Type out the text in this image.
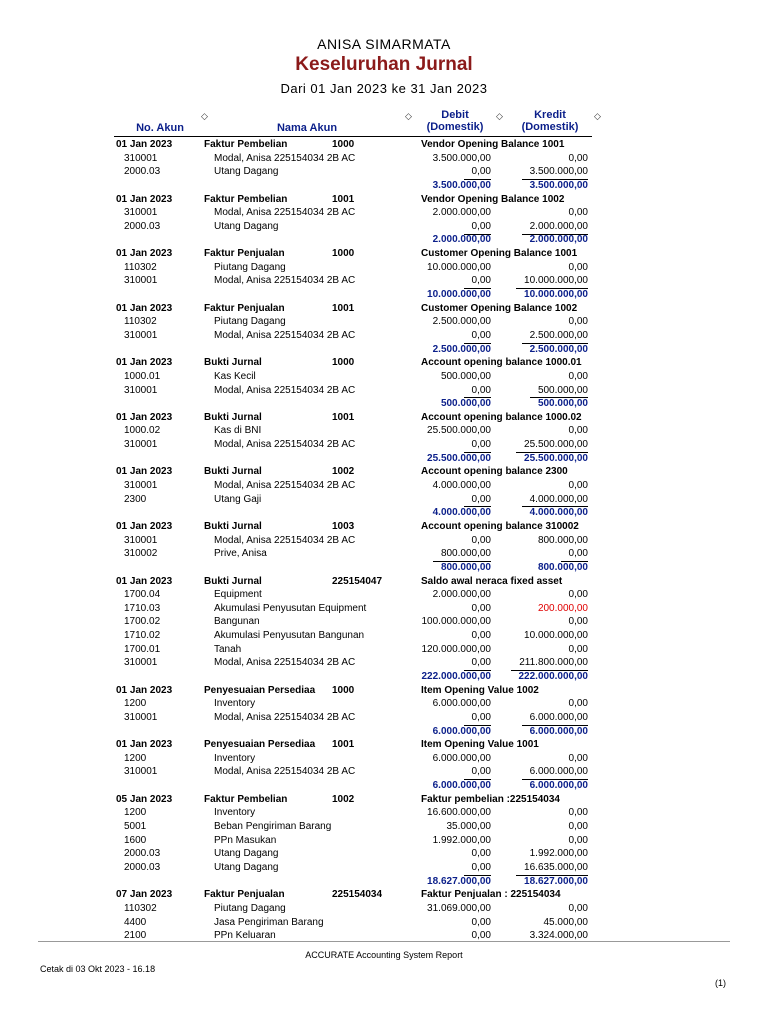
ANISA SIMARMATA
Keseluruhan Jurnal
Dari 01 Jan 2023 ke 31 Jan 2023
◇	◇	◇	◇
Debit
(Domestik)
Kredit
(Domestik)
No. Akun	Nama Akun
01 Jan 2023	Faktur Pembelian	1000	Vendor Opening Balance 1001
310001	Modal, Anisa 225154034 2B AC	3.500.000,00	0,00
2000.03	Utang Dagang	0,00	3.500.000,00
3.500.000,00	3.500.000,00
01 Jan 2023	Faktur Pembelian	1001	Vendor Opening Balance 1002
310001	Modal, Anisa 225154034 2B AC	2.000.000,00	0,00
2000.03	Utang Dagang	0,00	2.000.000,00
2.000.000,00	2.000.000,00
01 Jan 2023	Faktur Penjualan	1000	Customer Opening Balance 1001
110302	Piutang Dagang	10.000.000,00	0,00
310001	Modal, Anisa 225154034 2B AC	0,00	10.000.000,00
10.000.000,00	10.000.000,00
01 Jan 2023	Faktur Penjualan	1001	Customer Opening Balance 1002
110302	Piutang Dagang	2.500.000,00	0,00
310001	Modal, Anisa 225154034 2B AC	0,00	2.500.000,00
2.500.000,00	2.500.000,00
01 Jan 2023	Bukti Jurnal	1000	Account opening balance 1000.01
1000.01	Kas Kecil	500.000,00	0,00
310001	Modal, Anisa 225154034 2B AC	0,00	500.000,00
500.000,00	500.000,00
01 Jan 2023	Bukti Jurnal	1001	Account opening balance 1000.02
1000.02	Kas di BNI	25.500.000,00	0,00
310001	Modal, Anisa 225154034 2B AC	0,00	25.500.000,00
25.500.000,00	25.500.000,00
01 Jan 2023	Bukti Jurnal	1002	Account opening balance 2300
310001	Modal, Anisa 225154034 2B AC	4.000.000,00	0,00
2300	Utang Gaji	0,00	4.000.000,00
4.000.000,00	4.000.000,00
01 Jan 2023	Bukti Jurnal	1003	Account opening balance 310002
310001	Modal, Anisa 225154034 2B AC	0,00	800.000,00
310002	Prive, Anisa	800.000,00	0,00
800.000,00	800.000,00
01 Jan 2023	Bukti Jurnal	225154047	Saldo awal neraca fixed asset
1700.04	Equipment	2.000.000,00	0,00
1710.03	Akumulasi Penyusutan Equipment	0,00	200.000,00
1700.02	Bangunan	100.000.000,00	0,00
1710.02	Akumulasi Penyusutan Bangunan	0,00	10.000.000,00
1700.01	Tanah	120.000.000,00	0,00
310001	Modal, Anisa 225154034 2B AC	0,00	211.800.000,00
222.000.000,00	222.000.000,00
01 Jan 2023	Penyesuaian Persediaa 1000	Item Opening Value 1002
1200	Inventory	6.000.000,00	0,00
310001	Modal, Anisa 225154034 2B AC	0,00	6.000.000,00
6.000.000,00	6.000.000,00
01 Jan 2023	Penyesuaian Persediaa 1001	Item Opening Value 1001
1200	Inventory	6.000.000,00	0,00
310001	Modal, Anisa 225154034 2B AC	0,00	6.000.000,00
6.000.000,00	6.000.000,00
05 Jan 2023	Faktur Pembelian	1002	Faktur pembelian :225154034
1200	Inventory	16.600.000,00	0,00
5001	Beban Pengiriman Barang	35.000,00	0,00
1600	PPn Masukan	1.992.000,00	0,00
2000.03	Utang Dagang	0,00	1.992.000,00
2000.03	Utang Dagang	0,00	16.635.000,00
18.627.000,00	18.627.000,00
07 Jan 2023	Faktur Penjualan	225154034	Faktur Penjualan : 225154034
110302	Piutang Dagang	31.069.000,00	0,00
4400	Jasa Pengiriman Barang	0,00	45.000,00
2100	PPn Keluaran	0,00	3.324.000,00
ACCURATE Accounting System Report
Cetak di 03 Okt 2023 - 16.18
(1)
